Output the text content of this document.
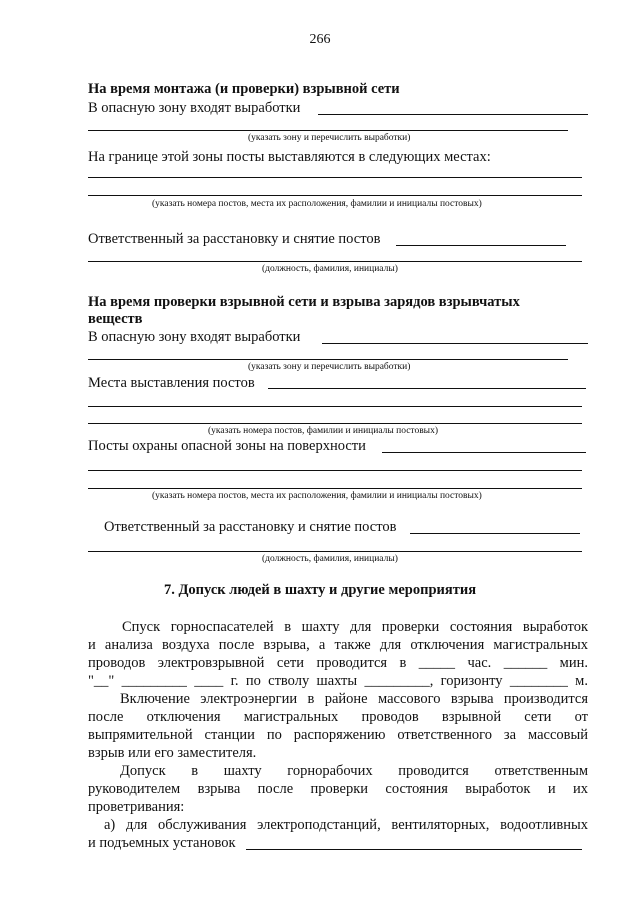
266
На время монтажа (и проверки) взрывной сети
В опасную зону входят выработки
(указать зону и перечислить выработки)
На границе этой зоны посты выставляются в следующих местах:
(указать номера постов, места их расположения, фамилии и инициалы постовых)
Ответственный за расстановку и снятие постов
(должность, фамилия, инициалы)
На время проверки взрывной сети и взрыва зарядов взрывчатых
веществ
В опасную зону входят выработки
(указать зону и перечислить выработки)
Места выставления постов
(указать номера постов, фамилии и инициалы постовых)
Посты охраны опасной зоны на поверхности
(указать номера постов, места их расположения, фамилии и инициалы постовых)
Ответственный за расстановку и снятие постов
(должность, фамилия, инициалы)
7. Допуск людей в шахту и другие мероприятия
Спуск горноспасателей в шахту для проверки состояния выработок
и анализа воздуха после взрыва, а также для отключения магистральных
проводов электровзрывной сети проводится в _____ час. ______ мин.
"__" _________ ____ г. по стволу шахты _________, горизонту ________ м.
Включение электроэнергии в районе массового взрыва производится
после отключения магистральных проводов взрывной сети от
выпрямительной станции по распоряжению ответственного за массовый
взрыв или его заместителя.
Допуск в шахту горнорабочих проводится ответственным
руководителем взрыва после проверки состояния выработок и их
проветривания:
а) для обслуживания электроподстанций, вентиляторных, водоотливных
и подъемных установок
